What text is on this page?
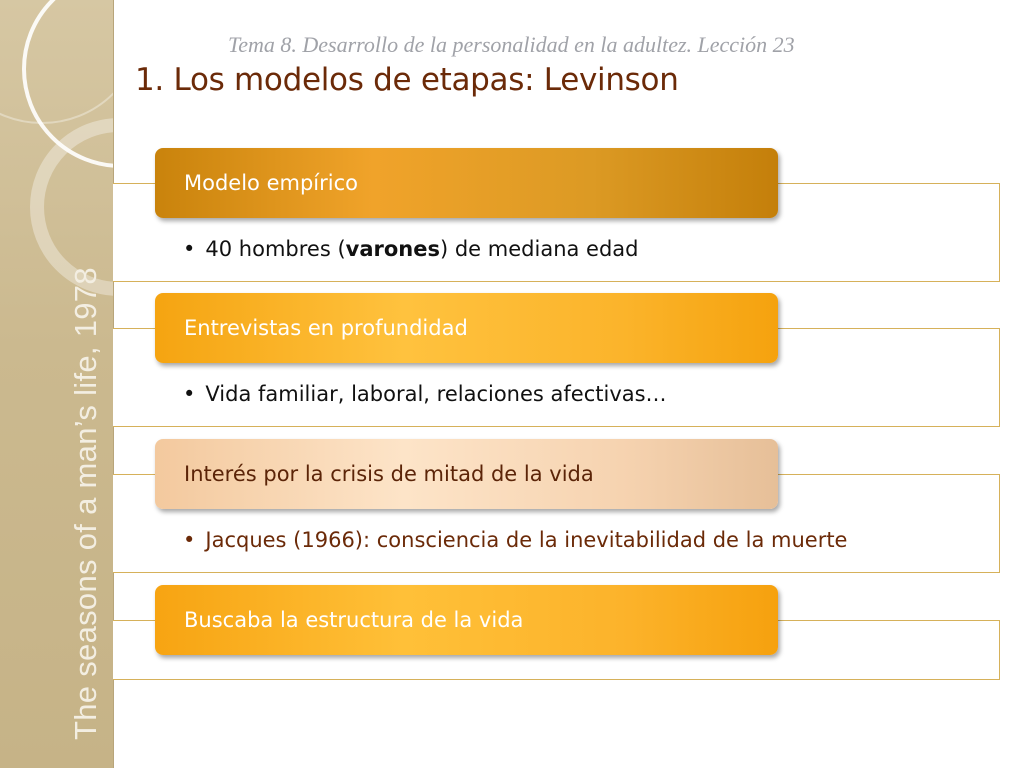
The seasons of a man’s life, 1978
Tema 8. Desarrollo de la personalidad en la adultez. Lección 23
1. Los modelos de etapas: Levinson
• 40 hombres (varones) de mediana edad
Modelo empírico
• Vida familiar, laboral, relaciones afectivas…
Entrevistas en profundidad
• Jacques (1966): consciencia de la inevitabilidad de la muerte
Interés por la crisis de mitad de la vida
Buscaba la estructura de la vida
